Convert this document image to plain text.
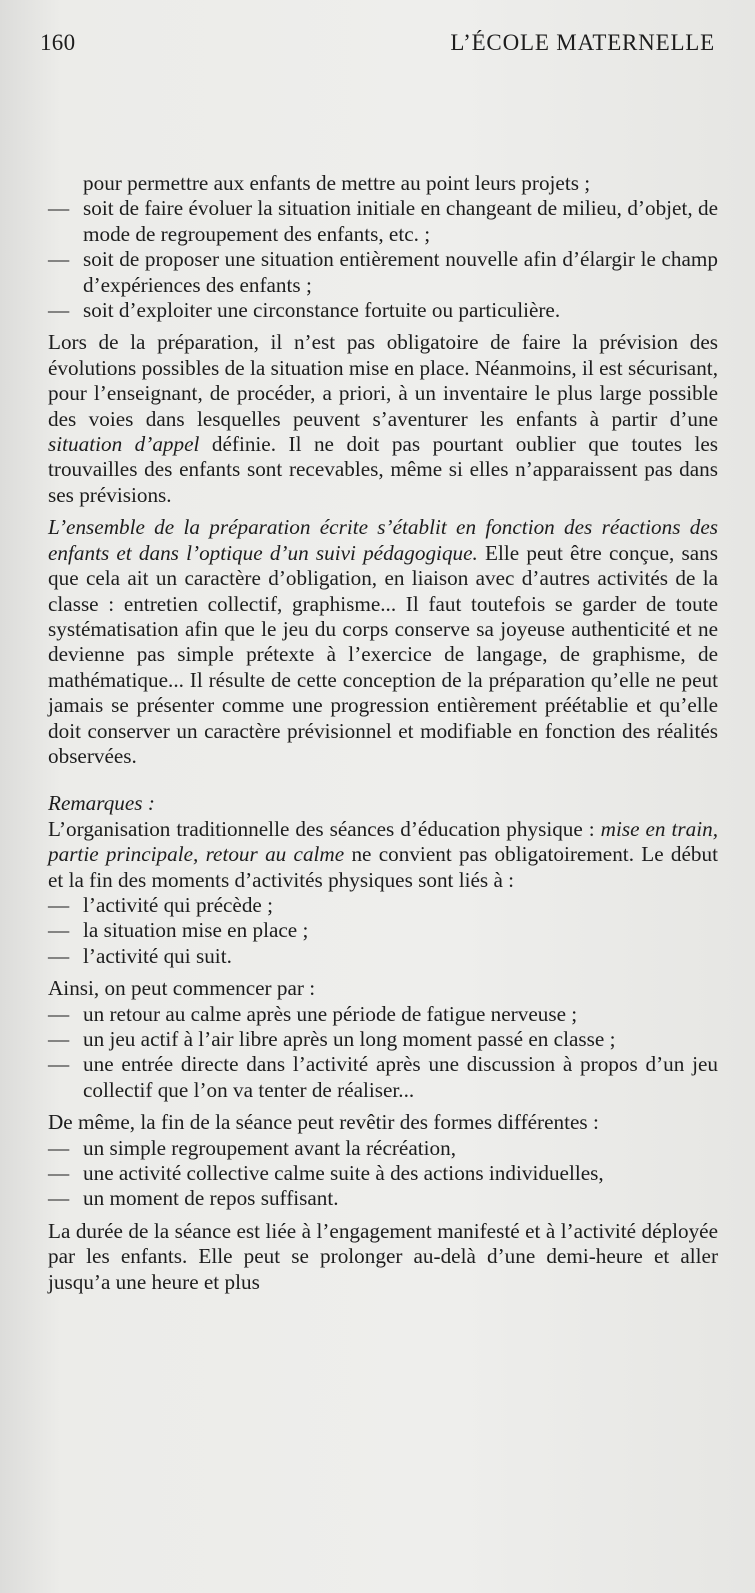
160	L’ÉCOLE MATERNELLE

pour permettre aux enfants de mettre au point leurs projets ;

— soit de faire évoluer la situation initiale en changeant de milieu, d’objet, de mode de regroupement des enfants, etc. ;

— soit de proposer une situation entièrement nouvelle afin d’élargir le champ d’expériences des enfants ;

— soit d’exploiter une circonstance fortuite ou particulière.

Lors de la préparation, il n’est pas obligatoire de faire la prévision des évolutions possibles de la situation mise en place. Néanmoins, il est sécurisant, pour l’enseignant, de procéder, a priori, à un inventaire le plus large possible des voies dans lesquelles peuvent s’aventurer les enfants à partir d’une situation d’appel définie. Il ne doit pas pourtant oublier que toutes les trouvailles des enfants sont recevables, même si elles n’apparaissent pas dans ses prévisions.

L’ensemble de la préparation écrite s’établit en fonction des réactions des enfants et dans l’optique d’un suivi pédagogique. Elle peut être conçue, sans que cela ait un caractère d’obligation, en liaison avec d’autres activités de la classe : entretien collectif, graphisme... Il faut toutefois se garder de toute systématisation afin que le jeu du corps conserve sa joyeuse authenticité et ne devienne pas simple prétexte à l’exercice de langage, de graphisme, de mathématique... Il résulte de cette conception de la préparation qu’elle ne peut jamais se présenter comme une progression entièrement préétablie et qu’elle doit conserver un caractère prévisionnel et modifiable en fonction des réalités observées.

Remarques :

L’organisation traditionnelle des séances d’éducation physique : mise en train, partie principale, retour au calme ne convient pas obligatoirement. Le début et la fin des moments d’activités physiques sont liés à :

— l’activité qui précède ;

— la situation mise en place ;

— l’activité qui suit.

Ainsi, on peut commencer par :

— un retour au calme après une période de fatigue nerveuse ;

— un jeu actif à l’air libre après un long moment passé en classe ;

— une entrée directe dans l’activité après une discussion à propos d’un jeu collectif que l’on va tenter de réaliser...

De même, la fin de la séance peut revêtir des formes différentes :

— un simple regroupement avant la récréation,

— une activité collective calme suite à des actions individuelles,

— un moment de repos suffisant.

La durée de la séance est liée à l’engagement manifesté et à l’activité déployée par les enfants. Elle peut se prolonger au-delà d’une demi-heure et aller jusqu’a une heure et plus
